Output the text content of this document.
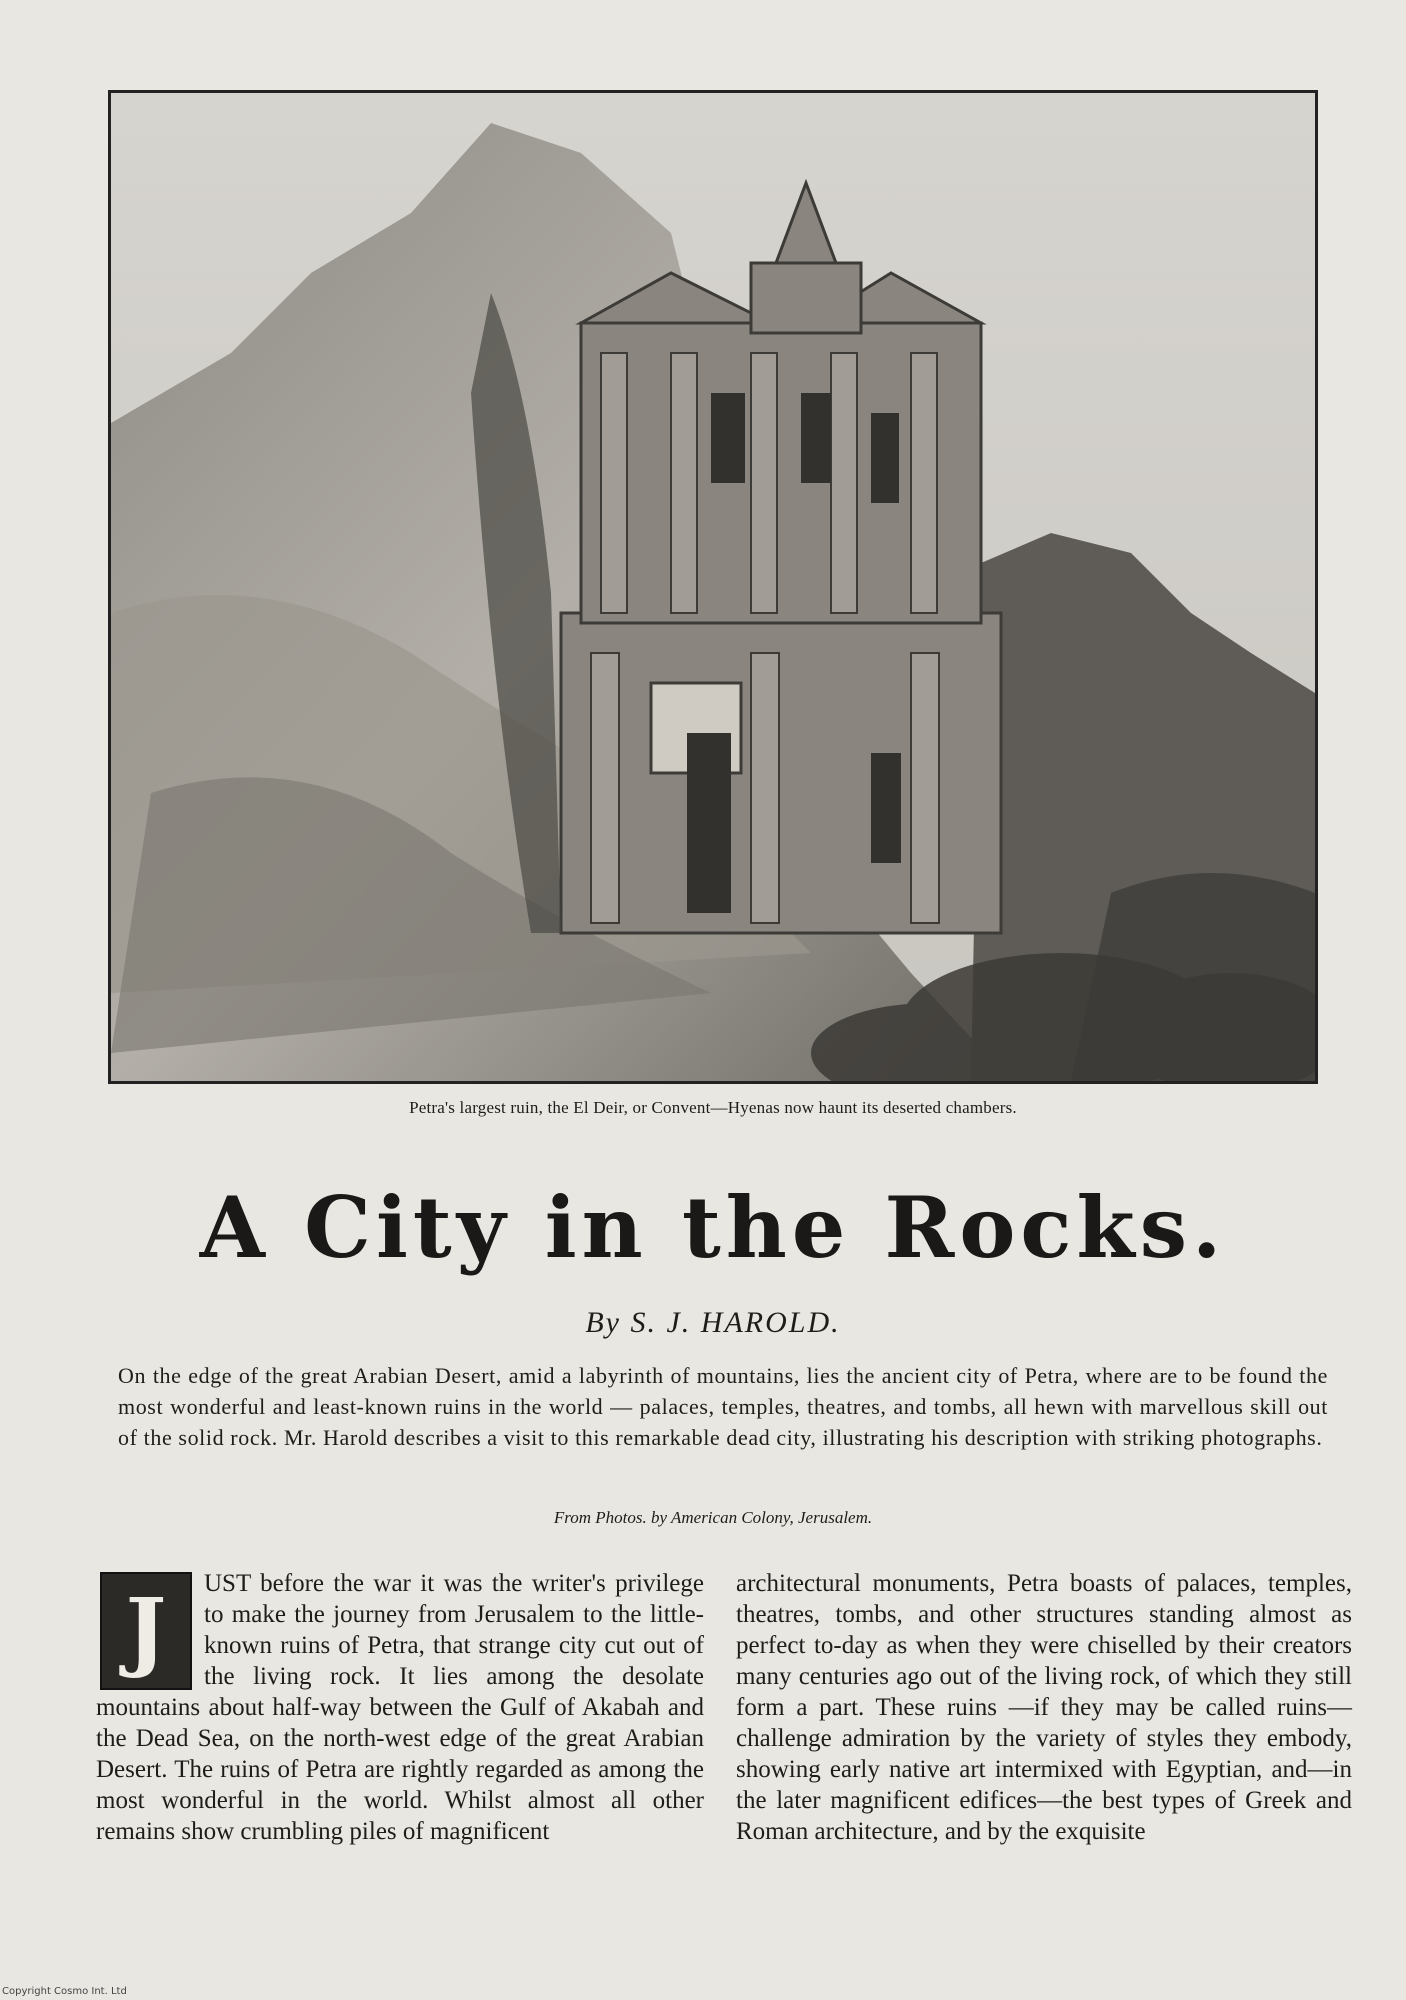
Petra's largest ruin, the El Deir, or Convent—Hyenas now haunt its deserted chambers.
A City in the Rocks.
By S. J. HAROLD.
On the edge of the great Arabian Desert, amid a labyrinth of mountains, lies the ancient city of Petra, where are to be found the most wonderful and least-known ruins in the world — palaces, temples, theatres, and tombs, all hewn with marvellous skill out of the solid rock. Mr. Harold describes a visit to this remarkable dead city, illustrating his description with striking photographs.
From Photos. by American Colony, Jerusalem.
J	UST before the war it was the writer's privilege to make the journey from Jerusalem to the little-known ruins of Petra, that strange city cut out of the living rock. It lies among the desolate mountains about half-way between the Gulf of Akabah and the Dead Sea, on the north-west edge of the great Arabian Desert. The ruins of Petra are rightly regarded as among the most wonderful in the world. Whilst almost all other remains show crumbling piles of magnificent
architectural monuments, Petra boasts of palaces, temples, theatres, tombs, and other structures standing almost as perfect to-day as when they were chiselled by their creators many centuries ago out of the living rock, of which they still form a part. These ruins —if they may be called ruins—challenge admiration by the variety of styles they embody, showing early native art intermixed with Egyptian, and—in the later magnificent edifices—the best types of Greek and Roman architecture, and by the exquisite
Copyright Cosmo Int. Ltd
